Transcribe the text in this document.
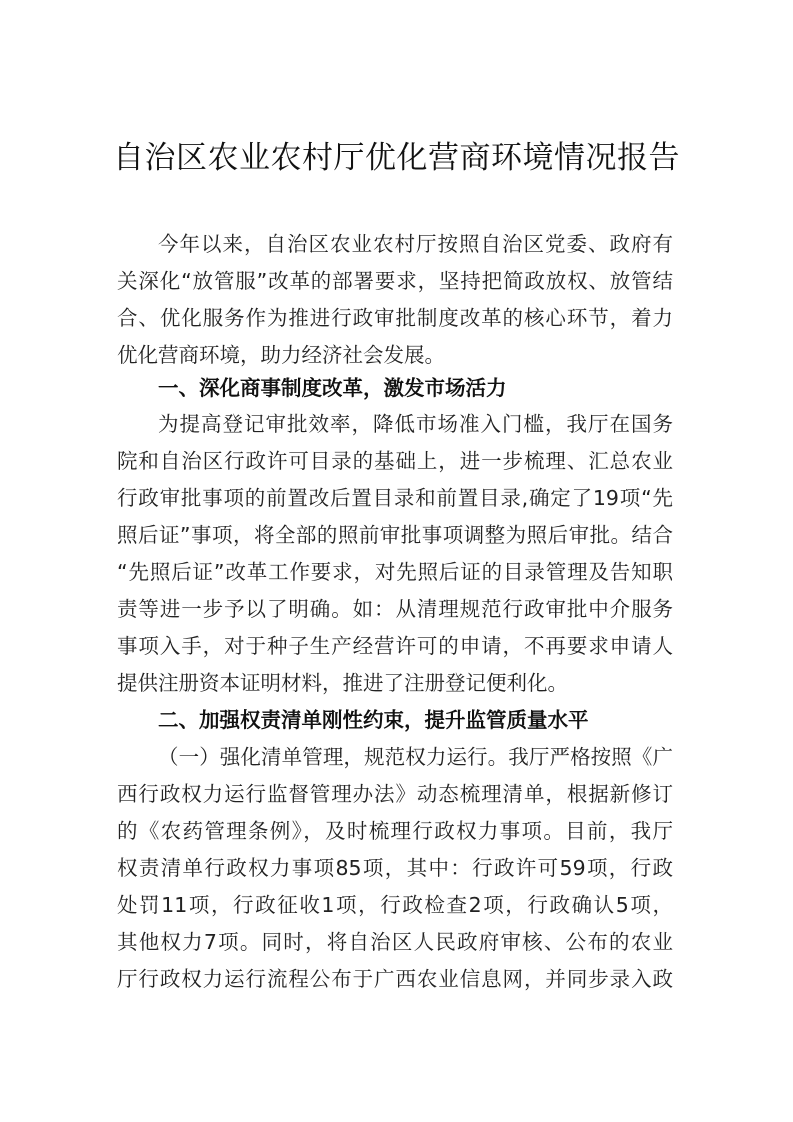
自治区农业农村厅优化营商环境情况报告
今年以来，自治区农业农村厅按照自治区党委、政府有
关深化“放管服”改革的部署要求，坚持把简政放权、放管结
合、优化服务作为推进行政审批制度改革的核心环节，着力
优化营商环境，助力经济社会发展。
一、深化商事制度改革，激发市场活力
为提高登记审批效率，降低市场准入门槛，我厅在国务
院和自治区行政许可目录的基础上，进一步梳理、汇总农业
行政审批事项的前置改后置目录和前置目录,确定了19项“先
照后证”事项，将全部的照前审批事项调整为照后审批。结合
“先照后证”改革工作要求，对先照后证的目录管理及告知职
责等进一步予以了明确。如：从清理规范行政审批中介服务
事项入手，对于种子生产经营许可的申请，不再要求申请人
提供注册资本证明材料，推进了注册登记便利化。
二、加强权责清单刚性约束，提升监管质量水平
（一）强化清单管理，规范权力运行。我厅严格按照《广
西行政权力运行监督管理办法》动态梳理清单，根据新修订
的《农药管理条例》，及时梳理行政权力事项。目前，我厅
权责清单行政权力事项85项，其中：行政许可59项，行政
处罚11项，行政征收1项，行政检查2项，行政确认5项，
其他权力7项。同时，将自治区人民政府审核、公布的农业
厅行政权力运行流程公布于广西农业信息网，并同步录入政
